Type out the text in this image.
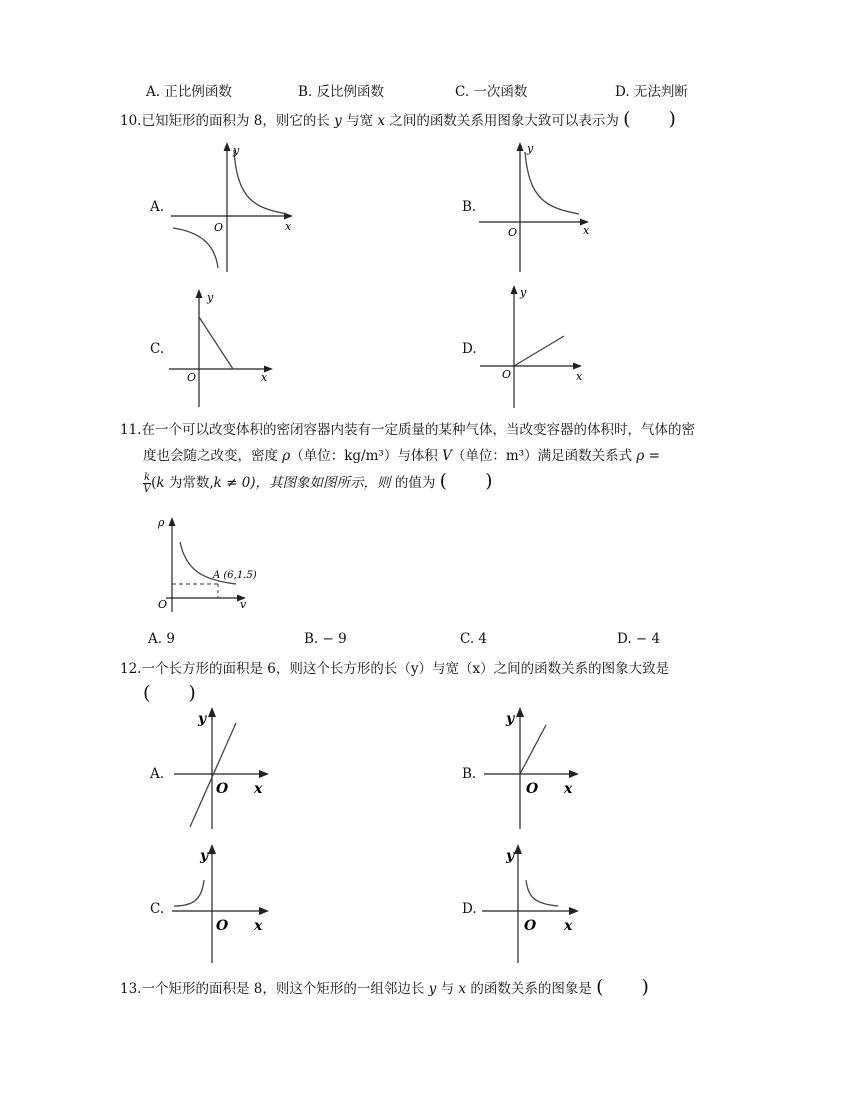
A. 正比例函数	B. 反比例函数	C. 一次函数	D. 无法判断
10.已知矩形的面积为 8，则它的长 y 与宽 x 之间的函数关系用图象大致可以表示为 (　　)
A.
y
O	x
B.
y
O	x
C.
y
O	x
D.
y
O	x
11.在一个可以改变体积的密闭容器内装有一定质量的某种气体，当改变容器的体积时，气体的密
度也会随之改变，密度 ρ（单位：kg/m³）与体积 V（单位：m³）满足函数关系式 ρ =
$\frac{k}{V}(k$ 为常数,k ≠ 0)，其图象如图所示，则 的值为 (　　)
ρ
O	v
A (6,1.5)
A. 9	B. − 9	C. 4	D. − 4
12.一个长方形的面积是 6，则这个长方形的长（y）与宽（x）之间的函数关系的图象大致是
(　　)
A.
y
O x
B.
y
O x
C.
y
O x
D.
y
O x
13.一个矩形的面积是 8，则这个矩形的一组邻边长 y 与 x 的函数关系的图象是 (　　)
